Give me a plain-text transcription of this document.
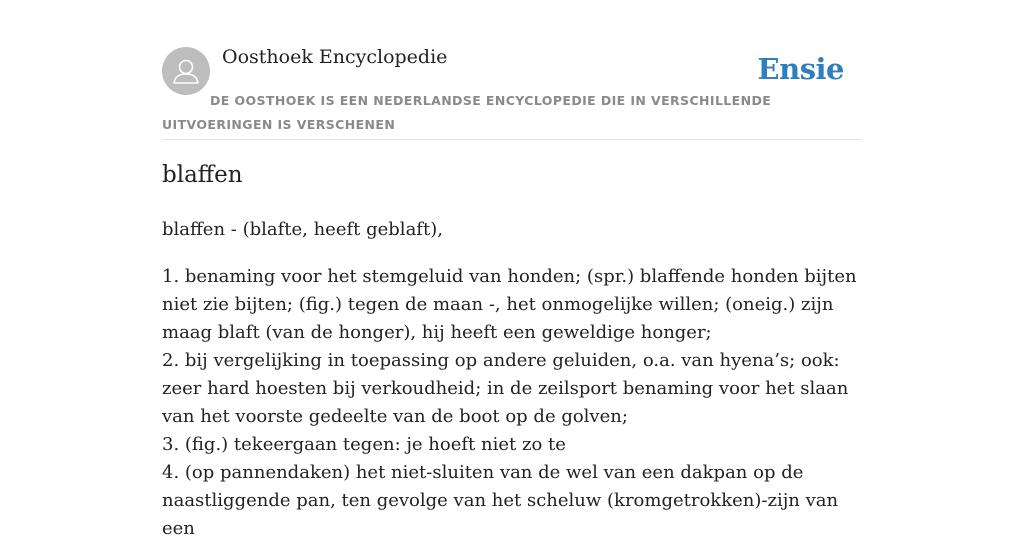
Oosthoek Encyclopedie	Ensie
DE OOSTHOEK IS EEN NEDERLANDSE ENCYCLOPEDIE DIE IN VERSCHILLENDE UITVOERINGEN IS VERSCHENEN
blaffen

blaffen - (blafte, heeft geblaft),

1. benaming voor het stemgeluid van honden; (spr.) blaffende honden bijten niet zie bijten; (fig.) tegen de maan -, het onmogelijke willen; (oneig.) zijn maag blaft (van de honger), hij heeft een geweldige honger;
2. bij vergelijking in toepassing op andere geluiden, o.a. van hyena’s; ook: zeer hard hoesten bij verkoudheid; in de zeilsport benaming voor het slaan van het voorste gedeelte van de boot op de golven;
3. (fig.) tekeergaan tegen: je hoeft niet zo te
4. (op pannendaken) het niet-sluiten van de wel van een dakpan op de naastliggende pan, ten gevolge van het scheluw (kromgetrokken)-zijn van een
